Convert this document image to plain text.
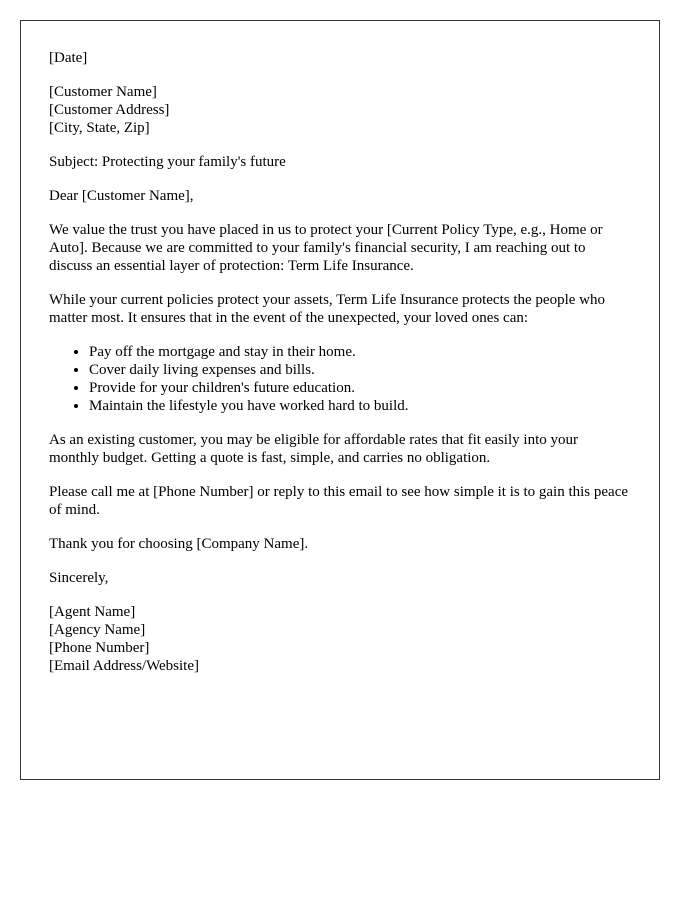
[Date]

[Customer Name]
[Customer Address]
[City, State, Zip]

Subject: Protecting your family's future

Dear [Customer Name],

We value the trust you have placed in us to protect your [Current Policy Type, e.g., Home or Auto]. Because we are committed to your family's financial security, I am reaching out to discuss an essential layer of protection: Term Life Insurance.

While your current policies protect your assets, Term Life Insurance protects the people who matter most. It ensures that in the event of the unexpected, your loved ones can:

• Pay off the mortgage and stay in their home.
• Cover daily living expenses and bills.
• Provide for your children's future education.
• Maintain the lifestyle you have worked hard to build.

As an existing customer, you may be eligible for affordable rates that fit easily into your monthly budget. Getting a quote is fast, simple, and carries no obligation.

Please call me at [Phone Number] or reply to this email to see how simple it is to gain this peace of mind.

Thank you for choosing [Company Name].

Sincerely,

[Agent Name]
[Agency Name]
[Phone Number]
[Email Address/Website]
